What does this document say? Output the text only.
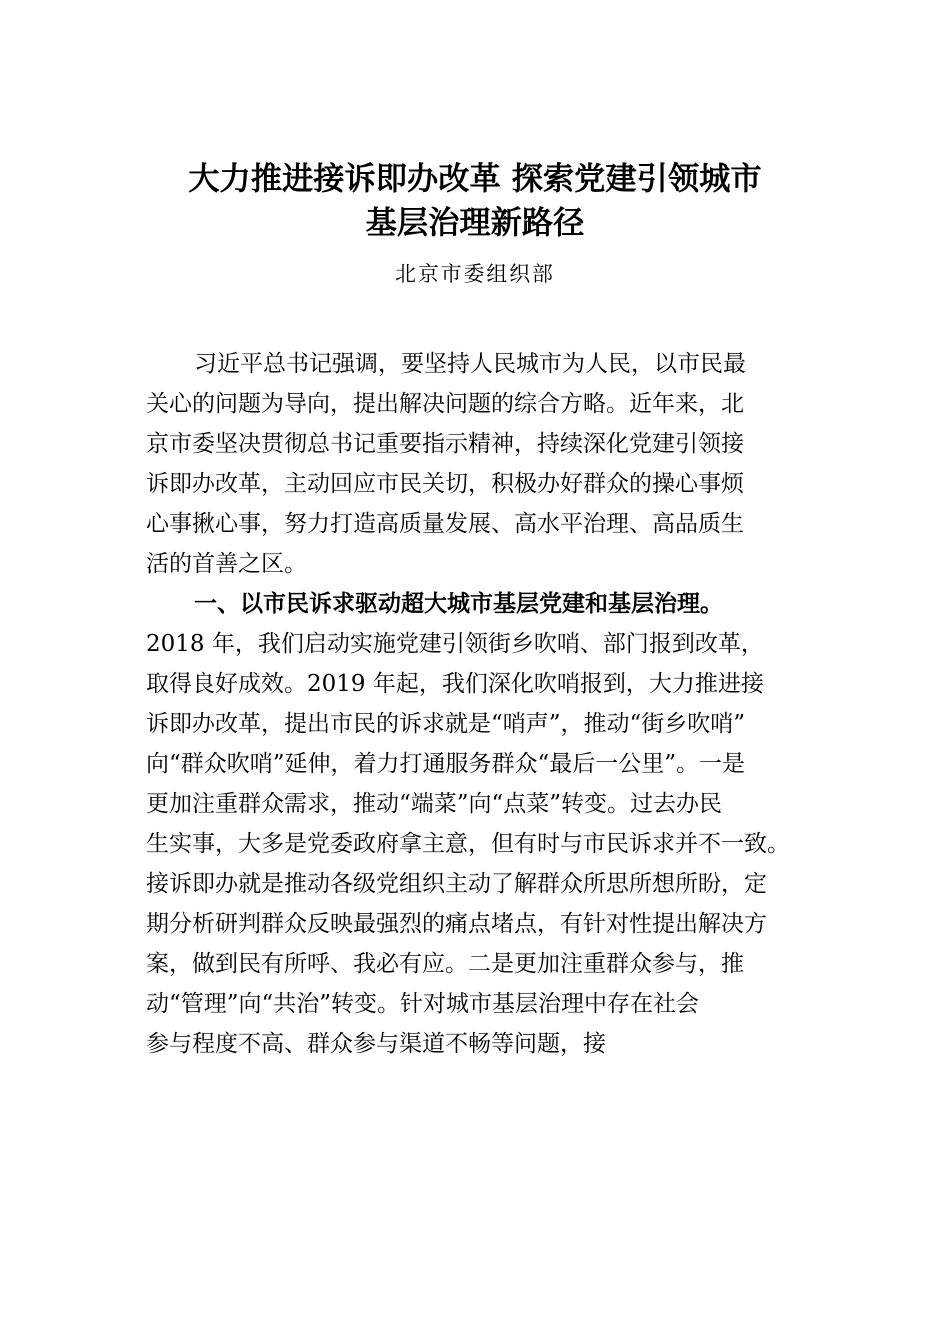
大力推进接诉即办改革 探索党建引领城市
基层治理新路径
北京市委组织部
习近平总书记强调，要坚持人民城市为人民，以市民最
关心的问题为导向，提出解决问题的综合方略。近年来，北
京市委坚决贯彻总书记重要指示精神，持续深化党建引领接
诉即办改革，主动回应市民关切，积极办好群众的操心事烦
心事揪心事，努力打造高质量发展、高水平治理、高品质生
活的首善之区。
一、以市民诉求驱动超大城市基层党建和基层治理。
2018 年，我们启动实施党建引领街乡吹哨、部门报到改革，
取得良好成效。2019 年起，我们深化吹哨报到，大力推进接
诉即办改革，提出市民的诉求就是“哨声”，推动“街乡吹哨”
向“群众吹哨”延伸，着力打通服务群众“最后一公里”。一是
更加注重群众需求，推动“端菜”向“点菜”转变。过去办民
生实事，大多是党委政府拿主意，但有时与市民诉求并不一致。
接诉即办就是推动各级党组织主动了解群众所思所想所盼，定
期分析研判群众反映最强烈的痛点堵点，有针对性提出解决方
案，做到民有所呼、我必有应。二是更加注重群众参与，推
动“管理”向“共治”转变。针对城市基层治理中存在社会
参与程度不高、群众参与渠道不畅等问题，接
